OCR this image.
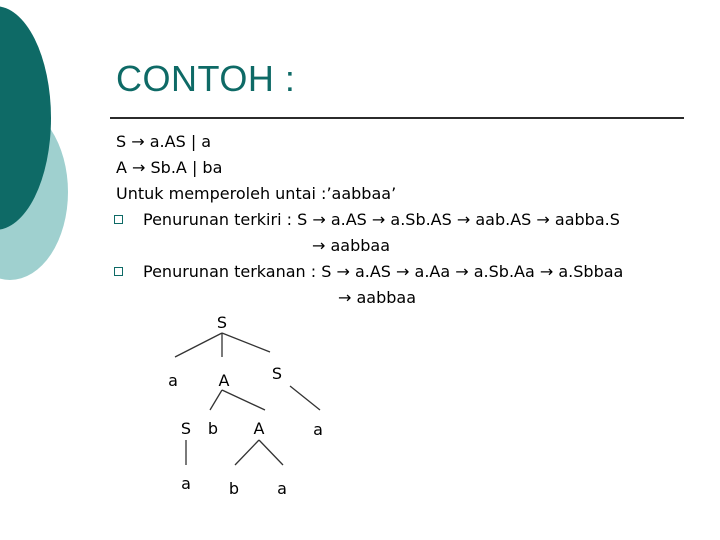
CONTOH :
S → a.AS | a
A → Sb.A | ba
Untuk memperoleh untai :’aabbaa’
Penurunan terkiri : S → a.AS → a.Sb.AS → aab.AS → aabba.S
→ aabbaa
Penurunan terkanan : S → a.AS → a.Aa → a.Sb.Aa → a.Sbbaa
→ aabbaa
S
a	A	S
S b A	a
a b a
